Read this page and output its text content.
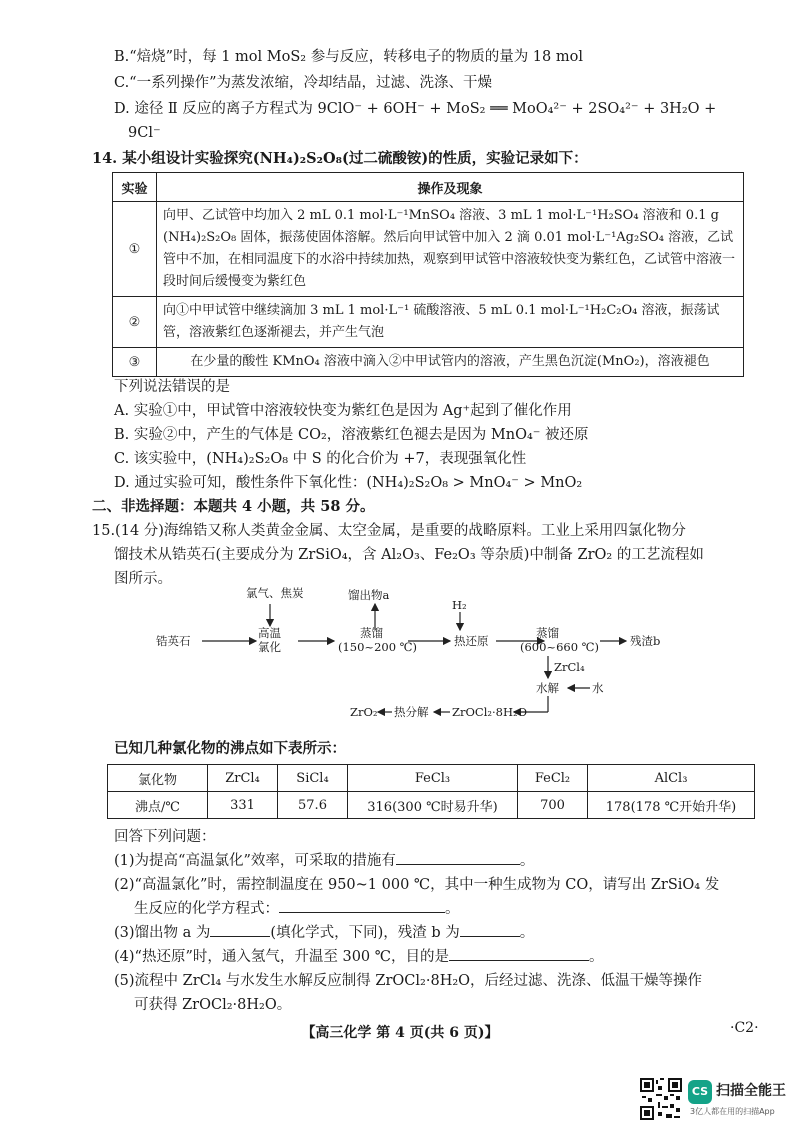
B.“焙烧”时，每 1 mol MoS₂ 参与反应，转移电子的物质的量为 18 mol
C.“一系列操作”为蒸发浓缩，冷却结晶，过滤、洗涤、干燥
D. 途径 Ⅱ 反应的离子方程式为 9ClO⁻ + 6OH⁻ + MoS₂ ══ MoO₄²⁻ + 2SO₄²⁻ + 3H₂O +
9Cl⁻
14. 某小组设计实验探究(NH₄)₂S₂O₈(过二硫酸铵)的性质，实验记录如下：
实验	操作及现象
①	向甲、乙试管中均加入 2 mL 0.1 mol·L⁻¹MnSO₄ 溶液、3 mL 1 mol·L⁻¹H₂SO₄ 溶液和 0.1 g (NH₄)₂S₂O₈ 固体，振荡使固体溶解。然后向甲试管中加入 2 滴 0.01 mol·L⁻¹Ag₂SO₄ 溶液，乙试管中不加，在相同温度下的水浴中持续加热，观察到甲试管中溶液较快变为紫红色，乙试管中溶液一段时间后缓慢变为紫红色
②	向①中甲试管中继续滴加 3 mL 1 mol·L⁻¹ 硫酸溶液、5 mL 0.1 mol·L⁻¹H₂C₂O₄ 溶液，振荡试管，溶液紫红色逐渐褪去，并产生气泡
③	在少量的酸性 KMnO₄ 溶液中滴入②中甲试管内的溶液，产生黑色沉淀(MnO₂)，溶液褪色
下列说法错误的是
A. 实验①中，甲试管中溶液较快变为紫红色是因为 Ag⁺起到了催化作用
B. 实验②中，产生的气体是 CO₂，溶液紫红色褪去是因为 MnO₄⁻ 被还原
C. 该实验中，(NH₄)₂S₂O₈ 中 S 的化合价为 +7，表现强氧化性
D. 通过实验可知，酸性条件下氧化性：(NH₄)₂S₂O₈ > MnO₄⁻ > MnO₂
二、非选择题：本题共 4 小题，共 58 分。
15.(14 分)海绵锆又称人类黄金金属、太空金属，是重要的战略原料。工业上采用四氯化物分
馏技术从锆英石(主要成分为 ZrSiO₄，含 Al₂O₃、Fe₂O₃ 等杂质)中制备 ZrO₂ 的工艺流程如
图所示。
氯气、焦炭
锆英石
高温
氯化
馏出物a
蒸馏
(150~200 ℃)
H₂
热还原
蒸馏
(600~660 ℃)	残渣b
ZrCl₄
水解	水
ZrOCl₂·8H₂O
热分解
ZrO₂
已知几种氯化物的沸点如下表所示：
氯化物	ZrCl₄	SiCl₄	FeCl₃	FeCl₂	AlCl₃
沸点/℃	331	57.6	316(300 ℃时易升华)	700	178(178 ℃开始升华)
回答下列问题：
(1)为提高“高温氯化”效率，可采取的措施有	。
(2)“高温氯化”时，需控制温度在 950~1 000 ℃，其中一种生成物为 CO，请写出 ZrSiO₄ 发
生反应的化学方程式：	。
(3)馏出物 a 为	(填化学式，下同)，残渣 b 为	。
(4)“热还原”时，通入氢气，升温至 300 ℃，目的是	。
(5)流程中 ZrCl₄ 与水发生水解反应制得 ZrOCl₂·8H₂O，后经过滤、洗涤、低温干燥等操作
可获得 ZrOCl₂·8H₂O。
【高三化学 第 4 页(共 6 页)】	·C2·
CS 扫描全能王
3亿人都在用的扫描App
